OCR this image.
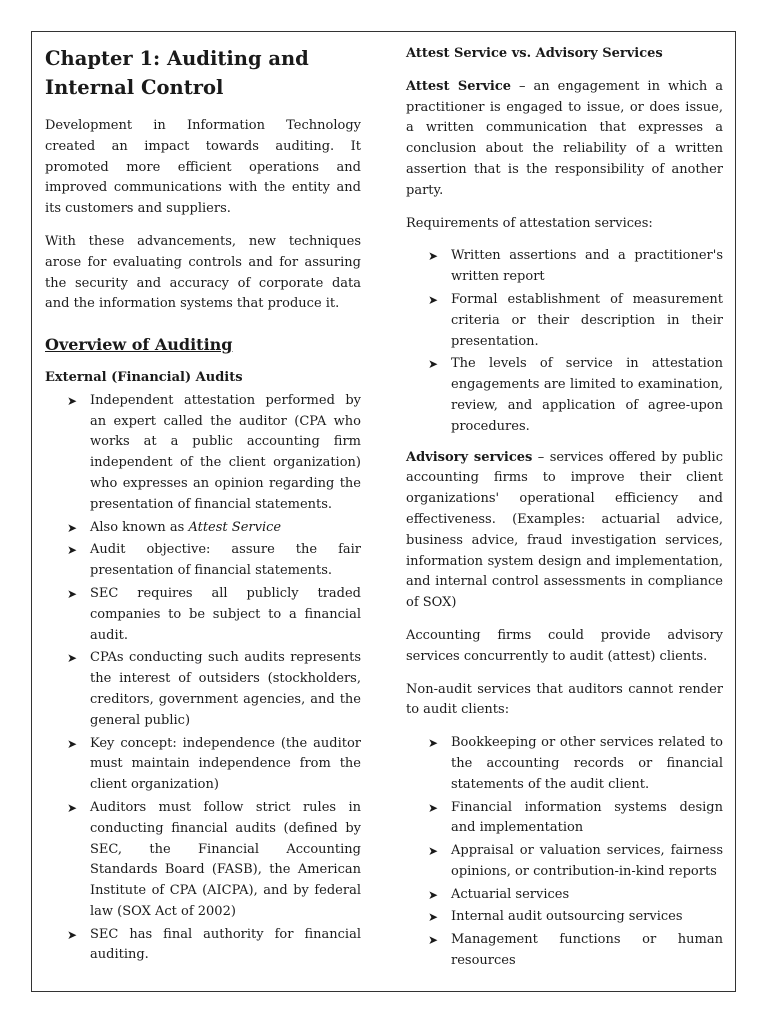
Chapter 1: Auditing and Internal Control

Development in Information Technology created an impact towards auditing. It promoted more efficient operations and improved communications with the entity and its customers and suppliers.

With these advancements, new techniques arose for evaluating controls and for assuring the security and accuracy of corporate data and the information systems that produce it.

Overview of Auditing
External (Financial) Audits
➤ Independent attestation performed by an expert called the auditor (CPA who works at a public accounting firm independent of the client organization) who expresses an opinion regarding the presentation of financial statements.
➤ Also known as Attest Service
➤ Audit objective: assure the fair presentation of financial statements.
➤ SEC requires all publicly traded companies to be subject to a financial audit.
➤ CPAs conducting such audits represents the interest of outsiders (stockholders, creditors, government agencies, and the general public)
➤ Key concept: independence (the auditor must maintain independence from the client organization)
➤ Auditors must follow strict rules in conducting financial audits (defined by SEC, the Financial Accounting Standards Board (FASB), the American Institute of CPA (AICPA), and by federal law (SOX Act of 2002)
➤ SEC has final authority for financial auditing.
Attest Service vs. Advisory Services

Attest Service – an engagement in which a practitioner is engaged to issue, or does issue, a written communication that expresses a conclusion about the reliability of a written assertion that is the responsibility of another party.

Requirements of attestation services:

➤ Written assertions and a practitioner's written report
➤ Formal establishment of measurement criteria or their description in their presentation.
➤ The levels of service in attestation engagements are limited to examination, review, and application of agree-upon procedures.

Advisory services – services offered by public accounting firms to improve their client organizations' operational efficiency and effectiveness. (Examples: actuarial advice, business advice, fraud investigation services, information system design and implementation, and internal control assessments in compliance of SOX)

Accounting firms could provide advisory services concurrently to audit (attest) clients.

Non-audit services that auditors cannot render to audit clients:

➤ Bookkeeping or other services related to the accounting records or financial statements of the audit client.
➤ Financial information systems design and implementation
➤ Appraisal or valuation services, fairness opinions, or contribution-in-kind reports
➤ Actuarial services
➤ Internal audit outsourcing services
➤ Management functions or human resources
